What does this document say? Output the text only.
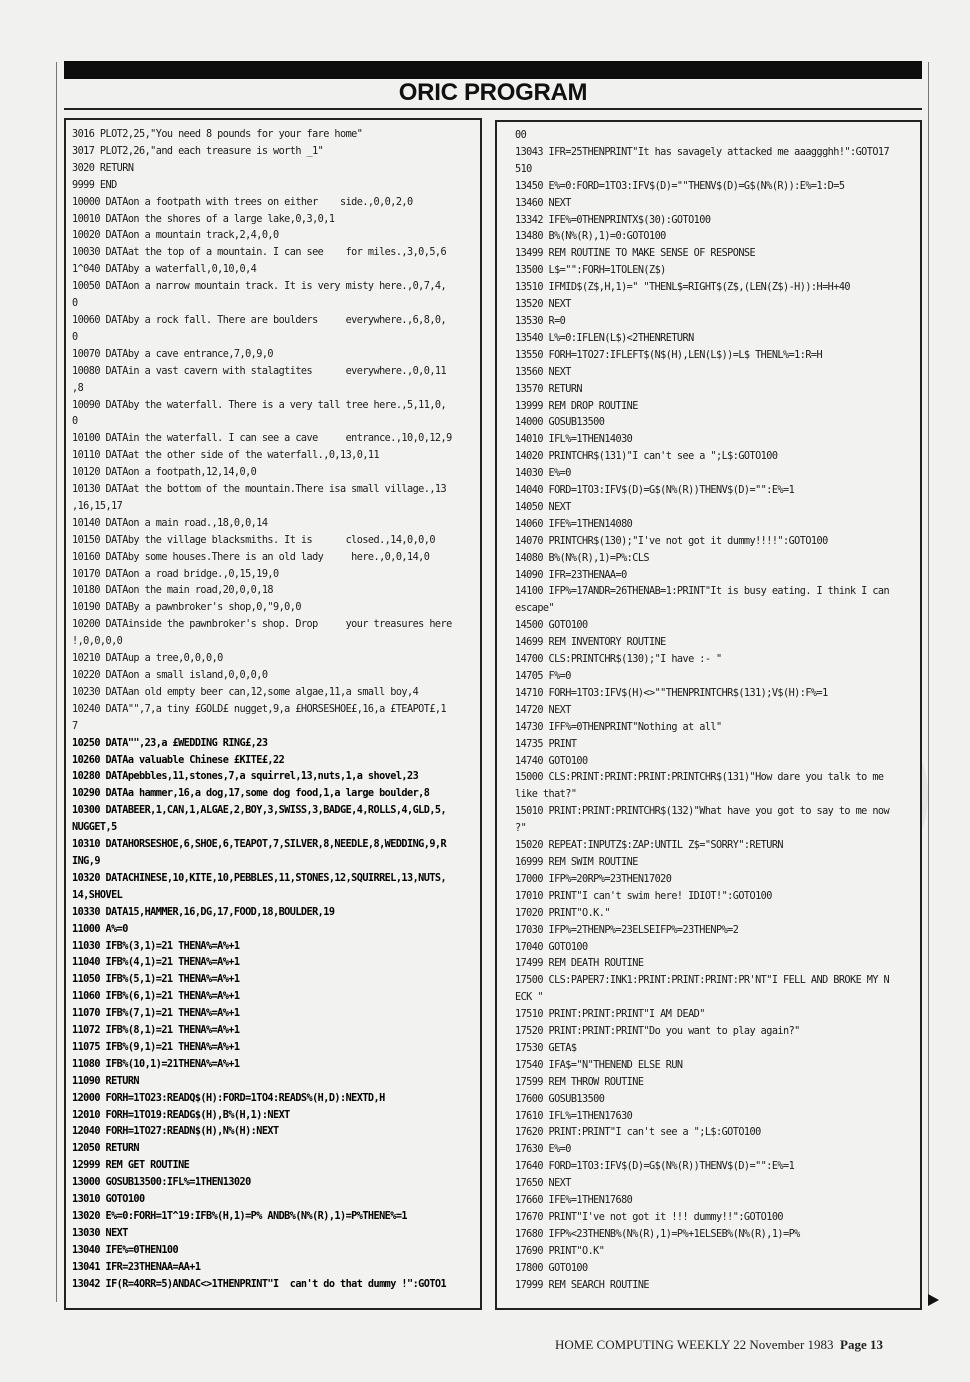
ORIC PROGRAM
3016 PLOT2,25,"You need 8 pounds for your fare home"
3017 PLOT2,26,"and each treasure is worth _1"
3020 RETURN
9999 END
10000 DATAon a footpath with trees on either    side.,0,0,2,0
10010 DATAon the shores of a large lake,0,3,0,1
10020 DATAon a mountain track,2,4,0,0
10030 DATAat the top of a mountain. I can see    for miles.,3,0,5,6
1^040 DATAby a waterfall,0,10,0,4
10050 DATAon a narrow mountain track. It is very misty here.,0,7,4,
0
10060 DATAby a rock fall. There are boulders     everywhere.,6,8,0,
0
10070 DATAby a cave entrance,7,0,9,0
10080 DATAin a vast cavern with stalagtites      everywhere.,0,0,11
,8
10090 DATAby the waterfall. There is a very tall tree here.,5,11,0,
0
10100 DATAin the waterfall. I can see a cave     entrance.,10,0,12,9
10110 DATAat the other side of the waterfall.,0,13,0,11
10120 DATAon a footpath,12,14,0,0
10130 DATAat the bottom of the mountain.There isa small village.,13
,16,15,17
10140 DATAon a main road.,18,0,0,14
10150 DATAby the village blacksmiths. It is      closed.,14,0,0,0
10160 DATAby some houses.There is an old lady     here.,0,0,14,0
10170 DATAon a road bridge.,0,15,19,0
10180 DATAon the main road,20,0,0,18
10190 DATABy a pawnbroker's shop,0,"9,0,0
10200 DATAinside the pawnbroker's shop. Drop     your treasures here
!,0,0,0,0
10210 DATAup a tree,0,0,0,0
10220 DATAon a small island,0,0,0,0
10230 DATAan old empty beer can,12,some algae,11,a small boy,4
10240 DATA"",7,a tiny £GOLD£ nugget,9,a £HORSESHOE£,16,a £TEAPOT£,1
7
10250 DATA"",23,a £WEDDING RING£,23
10260 DATAa valuable Chinese £KITE£,22
10280 DATApebbles,11,stones,7,a squirrel,13,nuts,1,a shovel,23
10290 DATAa hammer,16,a dog,17,some dog food,1,a large boulder,8
10300 DATABEER,1,CAN,1,ALGAE,2,BOY,3,SWISS,3,BADGE,4,ROLLS,4,GLD,5,
NUGGET,5
10310 DATAHORSESHOE,6,SHOE,6,TEAPOT,7,SILVER,8,NEEDLE,8,WEDDING,9,R
ING,9
10320 DATACHINESE,10,KITE,10,PEBBLES,11,STONES,12,SQUIRREL,13,NUTS,
14,SHOVEL
10330 DATA15,HAMMER,16,DG,17,FOOD,18,BOULDER,19
11000 A%=0
11030 IFB%(3,1)=21 THENA%=A%+1
11040 IFB%(4,1)=21 THENA%=A%+1
11050 IFB%(5,1)=21 THENA%=A%+1
11060 IFB%(6,1)=21 THENA%=A%+1
11070 IFB%(7,1)=21 THENA%=A%+1
11072 IFB%(8,1)=21 THENA%=A%+1
11075 IFB%(9,1)=21 THENA%=A%+1
11080 IFB%(10,1)=21THENA%=A%+1
11090 RETURN
12000 FORH=1TO23:READQ$(H):FORD=1TO4:READS%(H,D):NEXTD,H
12010 FORH=1TO19:READG$(H),B%(H,1):NEXT
12040 FORH=1TO27:READN$(H),N%(H):NEXT
12050 RETURN
12999 REM GET ROUTINE
13000 GOSUB13500:IFL%=1THEN13020
13010 GOTO100
13020 E%=0:FORH=1T^19:IFB%(H,1)=P% ANDB%(N%(R),1)=P%THENE%=1
13030 NEXT
13040 IFE%=0THEN100
13041 IFR=23THENAA=AA+1
13042 IF(R=4ORR=5)ANDAC<>1THENPRINT"I  can't do that dummy !":GOTO1
00
13043 IFR=25THENPRINT"It has savagely attacked me aaaggghh!":GOTO17
510
13450 E%=0:FORD=1TO3:IFV$(D)=""THENV$(D)=G$(N%(R)):E%=1:D=5
13460 NEXT
13342 IFE%=0THENPRINTX$(30):GOTO100
13480 B%(N%(R),1)=0:GOTO100
13499 REM ROUTINE TO MAKE SENSE OF RESPONSE
13500 L$="":FORH=1TOLEN(Z$)
13510 IFMID$(Z$,H,1)=" "THENL$=RIGHT$(Z$,(LEN(Z$)-H)):H=H+40
13520 NEXT
13530 R=0
13540 L%=0:IFLEN(L$)<2THENRETURN
13550 FORH=1TO27:IFLEFT$(N$(H),LEN(L$))=L$ THENL%=1:R=H
13560 NEXT
13570 RETURN
13999 REM DROP ROUTINE
14000 GOSUB13500
14010 IFL%=1THEN14030
14020 PRINTCHR$(131)"I can't see a ";L$:GOTO100
14030 E%=0
14040 FORD=1TO3:IFV$(D)=G$(N%(R))THENV$(D)="":E%=1
14050 NEXT
14060 IFE%=1THEN14080
14070 PRINTCHR$(130);"I've not got it dummy!!!!":GOTO100
14080 B%(N%(R),1)=P%:CLS
14090 IFR=23THENAA=0
14100 IFP%=17ANDR=26THENAB=1:PRINT"It is busy eating. I think I can
escape"
14500 GOTO100
14699 REM INVENTORY ROUTINE
14700 CLS:PRINTCHR$(130);"I have :- "
14705 F%=0
14710 FORH=1TO3:IFV$(H)<>""THENPRINTCHR$(131);V$(H):F%=1
14720 NEXT
14730 IFF%=0THENPRINT"Nothing at all"
14735 PRINT
14740 GOTO100
15000 CLS:PRINT:PRINT:PRINT:PRINTCHR$(131)"How dare you talk to me
like that?"
15010 PRINT:PRINT:PRINTCHR$(132)"What have you got to say to me now
?"
15020 REPEAT:INPUTZ$:ZAP:UNTIL Z$="SORRY":RETURN
16999 REM SWIM ROUTINE
17000 IFP%=20RP%=23THEN17020
17010 PRINT"I can't swim here! IDIOT!":GOTO100
17020 PRINT"O.K."
17030 IFP%=2THENP%=23ELSEIFP%=23THENP%=2
17040 GOTO100
17499 REM DEATH ROUTINE
17500 CLS:PAPER7:INK1:PRINT:PRINT:PRINT:PR'NT"I FELL AND BROKE MY N
ECK "
17510 PRINT:PRINT:PRINT"I AM DEAD"
17520 PRINT:PRINT:PRINT"Do you want to play again?"
17530 GETA$
17540 IFA$="N"THENEND ELSE RUN
17599 REM THROW ROUTINE
17600 GOSUB13500
17610 IFL%=1THEN17630
17620 PRINT:PRINT"I can't see a ";L$:GOTO100
17630 E%=0
17640 FORD=1TO3:IFV$(D)=G$(N%(R))THENV$(D)="":E%=1
17650 NEXT
17660 IFE%=1THEN17680
17670 PRINT"I've not got it !!! dummy!!":GOTO100
17680 IFP%<23THENB%(N%(R),1)=P%+1ELSEB%(N%(R),1)=P%
17690 PRINT"O.K"
17800 GOTO100
17999 REM SEARCH ROUTINE
HOME COMPUTING WEEKLY 22 November 1983 Page 13
